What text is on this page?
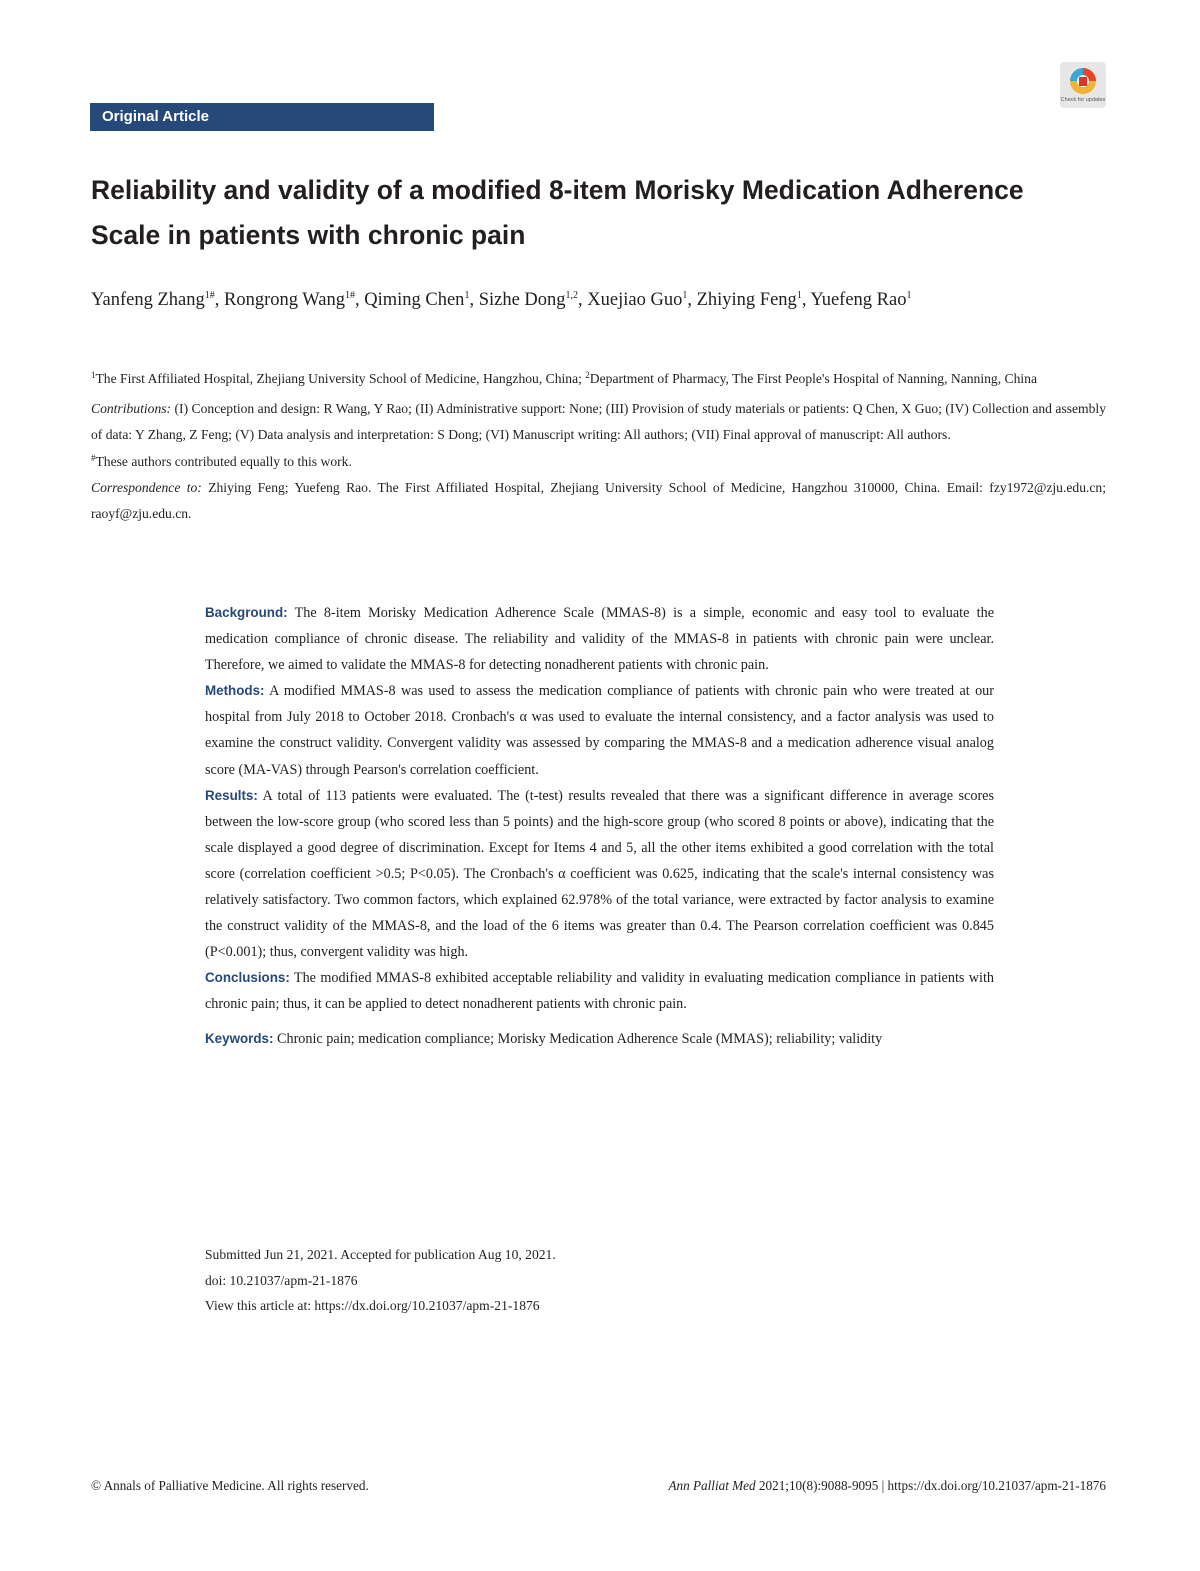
Original Article
Check for updates
Reliability and validity of a modified 8-item Morisky Medication Adherence Scale in patients with chronic pain

Yanfeng Zhang$^{1\#}$, Rongrong Wang$^{1\#}$, Qiming Chen$^1$, Sizhe Dong$^{1,2}$, Xuejiao Guo$^1$, Zhiying Feng$^1$, Yuefeng Rao$^1$

$^1$The First Affiliated Hospital, Zhejiang University School of Medicine, Hangzhou, China; $^2$Department of Pharmacy, The First People's Hospital of Nanning, Nanning, China

Contributions: (I) Conception and design: R Wang, Y Rao; (II) Administrative support: None; (III) Provision of study materials or patients: Q Chen, X Guo; (IV) Collection and assembly of data: Y Zhang, Z Feng; (V) Data analysis and interpretation: S Dong; (VI) Manuscript writing: All authors; (VII) Final approval of manuscript: All authors.

#These authors contributed equally to this work.

Correspondence to: Zhiying Feng; Yuefeng Rao. The First Affiliated Hospital, Zhejiang University School of Medicine, Hangzhou 310000, China. Email: fzy1972@zju.edu.cn; raoyf@zju.edu.cn.

Background: The 8-item Morisky Medication Adherence Scale (MMAS-8) is a simple, economic and easy tool to evaluate the medication compliance of chronic disease. The reliability and validity of the MMAS-8 in patients with chronic pain were unclear. Therefore, we aimed to validate the MMAS-8 for detecting nonadherent patients with chronic pain.

Methods: A modified MMAS-8 was used to assess the medication compliance of patients with chronic pain who were treated at our hospital from July 2018 to October 2018. Cronbach's α was used to evaluate the internal consistency, and a factor analysis was used to examine the construct validity. Convergent validity was assessed by comparing the MMAS-8 and a medication adherence visual analog score (MA-VAS) through Pearson's correlation coefficient.

Results: A total of 113 patients were evaluated. The (t-test) results revealed that there was a significant difference in average scores between the low-score group (who scored less than 5 points) and the high-score group (who scored 8 points or above), indicating that the scale displayed a good degree of discrimination. Except for Items 4 and 5, all the other items exhibited a good correlation with the total score (correlation coefficient >0.5; P<0.05). The Cronbach's α coefficient was 0.625, indicating that the scale's internal consistency was relatively satisfactory. Two common factors, which explained 62.978% of the total variance, were extracted by factor analysis to examine the construct validity of the MMAS-8, and the load of the 6 items was greater than 0.4. The Pearson correlation coefficient was 0.845 (P<0.001); thus, convergent validity was high.

Conclusions: The modified MMAS-8 exhibited acceptable reliability and validity in evaluating medication compliance in patients with chronic pain; thus, it can be applied to detect nonadherent patients with chronic pain.

Keywords: Chronic pain; medication compliance; Morisky Medication Adherence Scale (MMAS); reliability; validity

Submitted Jun 21, 2021. Accepted for publication Aug 10, 2021.
doi: 10.21037/apm-21-1876
View this article at: https://dx.doi.org/10.21037/apm-21-1876
© Annals of Palliative Medicine. All rights reserved.	Ann Palliat Med 2021;10(8):9088-9095 | https://dx.doi.org/10.21037/apm-21-1876
